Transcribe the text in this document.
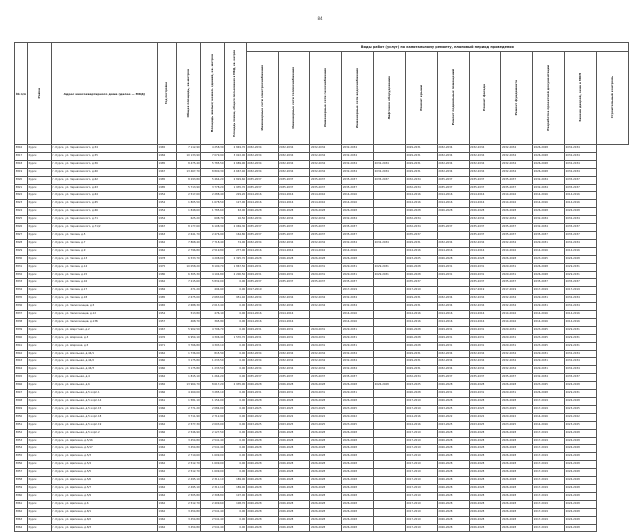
84
№ п/п	Район	Адрес многоквартирного дома (далее — МКД)	Год постройки	Общая площадь, кв.метров	Площадь жилых/ нежил. зданий, кв. метров	Площадь помещ. общего пользования в МКД, кв. метров	Виды работ (услуг) по капитальному ремонту, плановый период проведения											
							Инженерные сети электроснабжения	Инженерные сети теплоснабжения	Инженерные сети газоснабжения	Инженерные сети водоснабжения	Лифтовое оборудование	Ремонт крыши	Ремонт подвальных помещений	Ремонт фасада	Ремонт фундамента	Разработка проектной документации	Замена дверей, окна в МОП	Строительный контроль
3816	Курск	г. Курск, ул. Черняховского, д.54	1965	7 112,90	4 258,30	2 849,70	2032-2034	2032-2034	2032-2034	2032-2034		2029-2031	2032-2034	2032-2034	2032-2034	2026-2028	2032-2034	
3817	Курск	г. Курск, ул. Черняховского, д.55	1984	10 133,90	7 079,90	3 022,00	2032-2034	2032-2034	2032-2034	2032-2034		2029-2031	2032-2034	2032-2034	2032-2034	2026-2028	2032-2034	
3818	Курск	г. Курск, ул. Черняховского, д.56	1985	8 475,40	5 785,50	2 689,90	2032-2034	2032-2034	2032-2034	2032-2034	2032-2034	2029-2031	2032-2034	2032-2034	2032-2034	2026-2028	2032-2034	
3819	Курск	г. Курск, ул. Черняховского, д.60	1967	13 467,70	8 800,30	4 667,40	2032-2034	2032-2034	2032-2034	2032-2034	2032-2034	2029-2031	2032-2034	2032-2034	2032-2034	2026-2028	2032-2034	
3820	Курск	г. Курск, ул. Черняховского, д.62	1985	8 293,80	5 464,20	2 829,60	2035-2037	2035-2037	2035-2037	2035-2037	2035-2037	2032-2034	2035-2037	2035-2037	2035-2037	2032-2034	2035-2037	
3821	Курск	г. Курск, ул. Черняховского, д.63	1985	5 713,90	3 778,20	1 935,70	2035-2037	2035-2037	2035-2037	2035-2037		2032-2034	2035-2037	2035-2037	2035-2037	2032-2034	2035-2037	
3822	Курск	г. Курск, ул. Черняховского, д.64	1954	2 517,60	2 288,40	229,20	2014-2016	2014-2016	2014-2016	2014-2016		2014-2016	2014-2016	2014-2016	2014-2016	2014-2016	2014-2016	
3823	Курск	г. Курск, ул. Черняховского, д.65	1954	1 805,50	1 678,50	127,00	2014-2016	2014-2016	2014-2016	2014-2016		2014-2016	2014-2016	2014-2016	2014-2016	2014-2016	2014-2016	
3824	Курск	г. Курск, ул. Черняховского, д.66	1954	1 848,60	1 785,60	63,00	2026-2028	2026-2028	2026-2028	2026-2028		2026-2028	2026-2028	2026-2028	2026-2028	2026-2028	2026-2028	
3825	Курск	г. Курск, ул. Черняховского, д.71	1954	625,20	608,70	16,50	2032-2034	2032-2034	2032-2034	2032-2034		2032-2034		2032-2034	2032-2034	2032-2034	2032-2034	
3826	Курск	г. Курск, ул. Черняховского, д.71/2	1967	8 177,60	6 108,30	2 069,30	2035-2037	2035-2037	2035-2037	2035-2037		2032-2034	2035-2037	2035-2037	2035-2037	2032-2034	2035-2037	
3827	Курск	г. Курск, ул. Чехова, д.5	1963	2 641,70	2 476,90	164,80	2035-2037	2035-2037	2035-2037	2035-2037		2035-2037		2035-2037	2035-2037	2035-2037	2035-2037	
3828	Курск	г. Курск, ул. Чехова, д.7	1962	7 868,40	7 718,40	74,00	2032-2034	2032-2034	2032-2034	2032-2034	2032-2034	2029-2031	2032-2034	2032-2034	2032-2034	2029-2031	2032-2034	
3829	Курск	г. Курск, ул. Чехова, д.9	1962	2 796,80	2 519,80	277,00	2014-2016	2014-2016	2014-2016	2014-2016		2014-2016	2014-2016	2014-2016	2014-2016	2014-2016	2014-2016	
3830	Курск	г. Курск, ул. Чехова, д.13	1978	6 533,70	4 208,00	2 325,70	2026-2028	2026-2028	2026-2028	2026-2028		2023-2025	2026-2028	2026-2028	2026-2028	2023-2025	2026-2028	
3831	Курск	г. Курск, ул. Чехова, д.14	1975	10 058,20	8 190,70	1 867,50	2029-2031	2029-2031	2029-2031	2029-2031	2029-2031	2026-2028	2029-2031	2029-2031	2029-2031	2026-2028	2029-2031	
3832	Курск	г. Курск, ул. Чехова, д.15	1980	6 305,30	4 104,80	2 200,50	2029-2031	2029-2031	2029-2031	2029-2031	2029-2031	2026-2028	2029-2031	2029-2031	2029-2031	2026-2028	2029-2031	
3833	Курск	г. Курск, ул. Чехова, д.16	1962	7 215,60	5 832,00	0,00	2035-2037	2035-2037	2035-2037	2035-2037		2035-2037		2035-2037	2035-2037	2035-2037	2035-2037	
3834	Курск	г. Курск, ул. Чехова, д.17	1984	471,20	404,60	0,00	2017-2019			2017-2019		2017-2019		2017-2019	2017-2019	2017-2019	2017-2019	
3835	Курск	г. Курск, ул. Чехова, д.18	1985	2 675,00	2 683,60	951,40	2032-2034	2032-2034	2032-2034	2032-2034		2029-2031	2032-2034	2032-2034	2032-2034	2029-2031	2032-2034	
3836	Курск	г. Курск, ул. Челюскинцев, д.5	1965	2 688,30	2 013,40	0,00	2032-2034	2032-2034	2032-2034	2032-2034		2029-2031	2032-2034	2032-2034	2032-2034	2029-2031	2032-2034	
3837	Курск	г. Курск, ул. Челюскинцев, д.12	1954	513,80	476,10	0,00	2014-2016	2014-2016		2014-2016		2014-2016	2014-2016	2014-2016	2014-2016	2014-2016	2014-2016	
3838	Курск	г. Курск, ул. Челюскинцев, д.13Б	1957	468,70	365,80	0,00	2014-2016	2014-2016		2014-2016		2014-2016	2014-2016	2014-2016	2014-2016	2014-2016	2014-2016	
3839	Курск	г. Курск, ул. Шерстная, д.2	1967	5 902,50	4 796,70	0,00	2029-2031	2029-2031	2029-2031	2029-2031		2026-2028	2029-2031	2029-2031	2029-2031	2023-2025	2029-2031	
3840	Курск	г. Курск, ул. Широкая, д.3	1976	6 954,10	4 306,40	1 570,70	2029-2031	2029-2031	2029-2031	2029-2031		2026-2028	2029-2031	2029-2031	2029-2031	2023-2025	2029-2031	
3841	Курск	г. Курск, ул. Широкая, д.5	1971	3 766,80	4 393,10	0,00	2029-2031	2029-2031	2029-2031	2029-2031		2026-2028	2029-2031	2029-2031	2029-2031	2023-2025	2029-2031	
3842	Курск	г. Курск, ул. Школьная, д.44/1	1962	1 736,00	815,50	0,00	2032-2034	2032-2034	2032-2034	2032-2034		2029-2031	2032-2034	2032-2034	2032-2034	2029-2031	2032-2034	
3843	Курск	г. Курск, ул. Школьная, д.44/2	1960	3 175,80	1 233,50	0,00	2032-2034	2032-2034	2032-2034	2032-2034		2029-2031	2032-2034	2032-2034	2032-2034	2029-2031	2032-2034	
3844	Курск	г. Курск, ул. Школьная, д.44/3	1960	3 175,80	1 233,50	0,00	2032-2034	2032-2034	2032-2034	2032-2034		2029-2031	2032-2034	2032-2034	2032-2034	2029-2031	2032-2034	
3845	Курск	г. Курск, ул. Школьная, д.4	1962	1 815,10	1 264,20	0,00	2035-2037	2035-2037	2035-2037	2035-2037		2032-2034	2035-2037	2035-2037	2035-2037	2032-2034	2035-2037	
3846	Курск	г. Курск, ул. Школьная, д.6	1982	13 964,70	8 617,20	2 935,90	2026-2028	2026-2028	2026-2028	2026-2028	2026-2028	2023-2025	2026-2028	2026-2028	2026-2028	2023-2025	2026-2028	
3847	Курск	г. Курск, ул. Школьная, д.5 корп.1	1966	4 260,00	3 285,10	0,00	2029-2031	2029-2031	2029-2031	2029-2031		2026-2028	2029-2031	2029-2031	2029-2031	2026-2028	2029-2031	
3848	Курск	г. Курск, ул. Школьная, д.5 корп.14	1961	1 581,10	1 154,00	0,00	2026-2028	2026-2028	2026-2028	2026-2028		2017-2019	2026-2028	2026-2028	2026-2028	2017-2019	2026-2028	
3849	Курск	г. Курск, ул. Школьная, д.5 корп.15	1966	2 771,20	2 084,00	0,00	2023-2025	2023-2025	2023-2025	2023-2025		2017-2019	2023-2025	2023-2025	2023-2025	2017-2019	2023-2025	
3850	Курск	г. Курск, ул. Школьная, д.5 корп.18	1964	3 711,90	2 712,90	0,00	2020-2022	2020-2022	2020-2022	2020-2022		2014-2016	2020-2022	2020-2022	2020-2022	2014-2016	2020-2022	
3851	Курск	г. Курск, ул. Школьная, д.5 корп.19	1962	2 577,30	2 003,00	0,00	2023-2025	2023-2025	2023-2025	2023-2025		2014-2016	2023-2025	2023-2025	2023-2025	2014-2016	2023-2025	
3852	Курск	г. Курск, ул. Школьная, д.5 корп.2	1966	2 546,90	2 127,50	0,00	2026-2028	2026-2028	2026-2028	2026-2028		2017-2019	2026-2028	2026-2028	2026-2028	2017-2019	2026-2028	
3853	Курск	г. Курск, ул. Щепкина, д.5/16	1962	3 454,80	2 541,40	0,00	2026-2028	2026-2028	2026-2028	2026-2028		2017-2019	2026-2028	2026-2028	2026-2028	2017-2019	2026-2028	
3854	Курск	г. Курск, ул. Щепкина, д.5/17	1962	3 454,80	2 541,40	0,00	2026-2028	2026-2028	2026-2028	2026-2028		2017-2019	2026-2028	2026-2028	2026-2028	2017-2019	2026-2028	
3855	Курск	г. Курск, ул. Щепкина, д.5/3	1962	2 710,60	1 609,00	0,00	2026-2028	2026-2028	2026-2028	2026-2028		2017-2019	2026-2028	2026-2028	2026-2028	2017-2019	2026-2028	
3856	Курск	г. Курск, ул. Щепкина, д.5/4	1962	2 512,70	1 609,00	0,00	2026-2028	2026-2028	2026-2028	2026-2028		2017-2019	2026-2028	2026-2028	2026-2028	2017-2019	2026-2028	
3857	Курск	г. Курск, ул. Щепкина, д.5/5	1962	2 512,70	1 609,00	0,00	2026-2028	2026-2028	2026-2028	2026-2028		2017-2019	2026-2028	2026-2028	2026-2028	2017-2019	2026-2028	
3858	Курск	г. Курск, ул. Щепкина, д.5/6	1962	2 495,10	2 311,10	189,00	2026-2028	2026-2028	2026-2028	2026-2028		2017-2019	2026-2028	2026-2028	2026-2028	2017-2019	2026-2028	
3859	Курск	г. Курск, ул. Щепкина, д.5/7	1962	2 495,10	2 311,10	189,00	2026-2028	2026-2028	2026-2028	2026-2028		2017-2019	2026-2028	2026-2028	2026-2028	2017-2019	2026-2028	
3860	Курск	г. Курск, ул. Щепкина, д.5/9	1962	2 505,80	2 398,80	107,00	2026-2028	2026-2028	2026-2028	2026-2028		2017-2019	2026-2028	2026-2028	2026-2028	2017-2019	2026-2028	
3861	Курск	г. Курск, ул. Щепкина, д.6	1962	2 512,70	2 409,60	108,70	2026-2028	2026-2028	2026-2028	2026-2028		2017-2019	2026-2028	2026-2028	2026-2028	2017-2019	2026-2028	
3862	Курск	г. Курск, ул. Щепкина, д.8/1	1962	3 454,80	2 541,40	0,00	2026-2028	2026-2028	2026-2028	2026-2028		2017-2019	2026-2028	2026-2028	2026-2028	2017-2019	2026-2028	
3863	Курск	г. Курск, ул. Щепкина, д.8/2	1962	3 454,80	2 541,40	0,00	2026-2028	2026-2028	2026-2028	2026-2028		2017-2019	2026-2028	2026-2028	2026-2028	2017-2019	2026-2028	
3864	Курск	г. Курск, ул. Щепкина, д.8/3	1962	3 454,80	2 541,40	0,00	2026-2028	2026-2028	2026-2028	2026-2028		2017-2019	2026-2028	2026-2028	2026-2028	2017-2019	2026-2028	
